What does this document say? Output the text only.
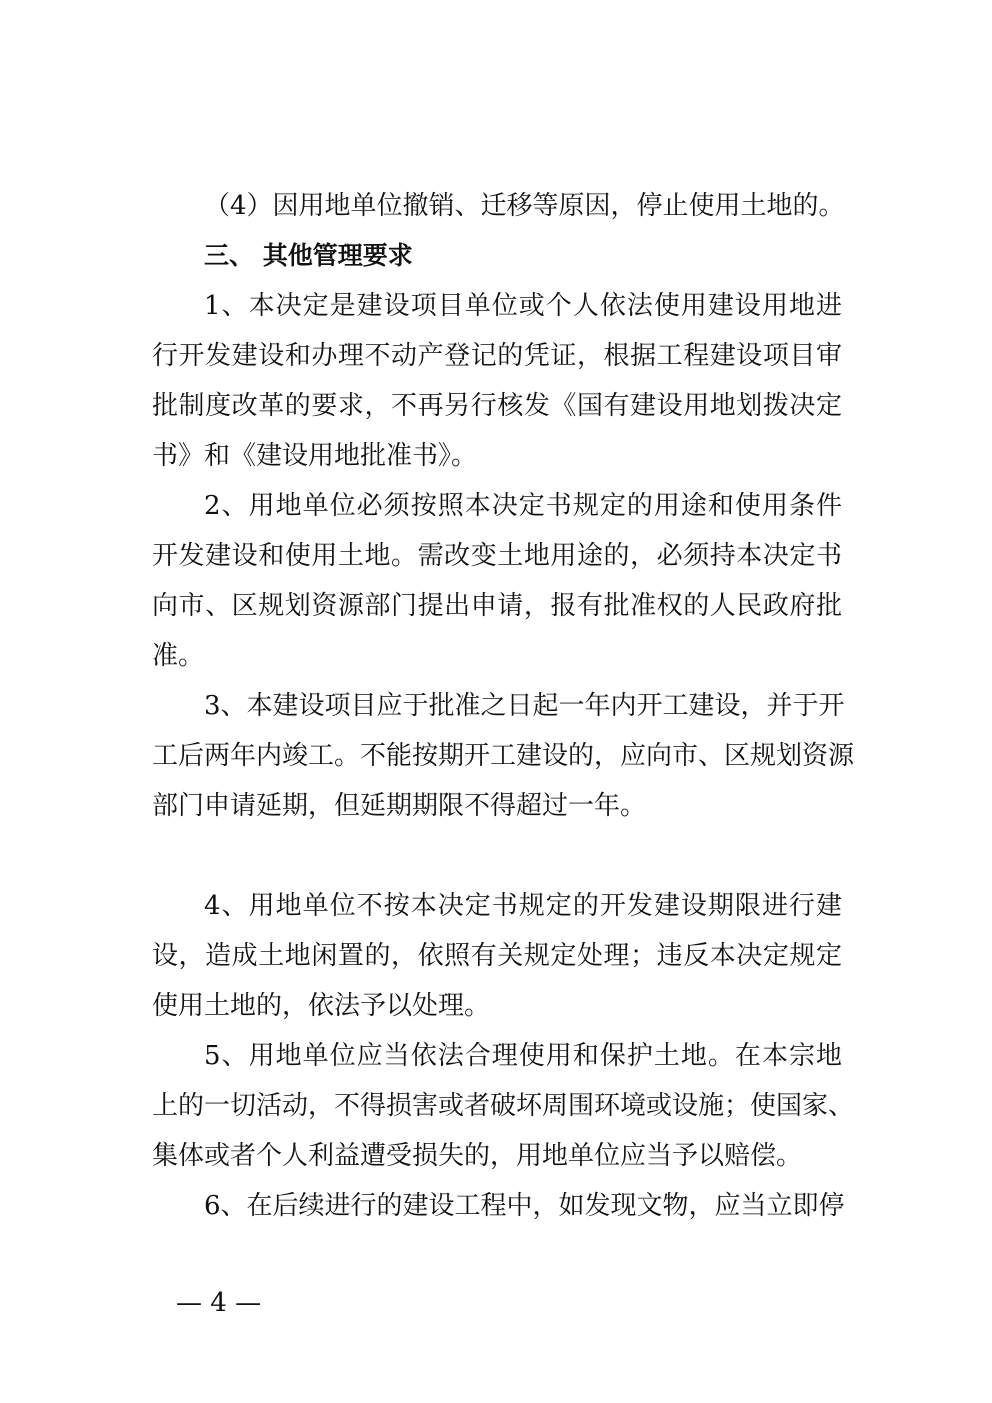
（4）因用地单位撤销、迁移等原因，停止使用土地的。
三、 其他管理要求
1、本决定是建设项目单位或个人依法使用建设用地进
行开发建设和办理不动产登记的凭证，根据工程建设项目审
批制度改革的要求，不再另行核发《国有建设用地划拨决定
书》和《建设用地批准书》。
2、用地单位必须按照本决定书规定的用途和使用条件
开发建设和使用土地。需改变土地用途的，必须持本决定书
向市、区规划资源部门提出申请，报有批准权的人民政府批
准。
3、本建设项目应于批准之日起一年内开工建设，并于开
工后两年内竣工。不能按期开工建设的，应向市、区规划资源
部门申请延期，但延期期限不得超过一年。
4、用地单位不按本决定书规定的开发建设期限进行建
设，造成土地闲置的，依照有关规定处理；违反本决定规定
使用土地的，依法予以处理。
5、用地单位应当依法合理使用和保护土地。在本宗地
上的一切活动，不得损害或者破坏周围环境或设施；使国家、
集体或者个人利益遭受损失的，用地单位应当予以赔偿。
6、在后续进行的建设工程中，如发现文物，应当立即停
— 4 —
